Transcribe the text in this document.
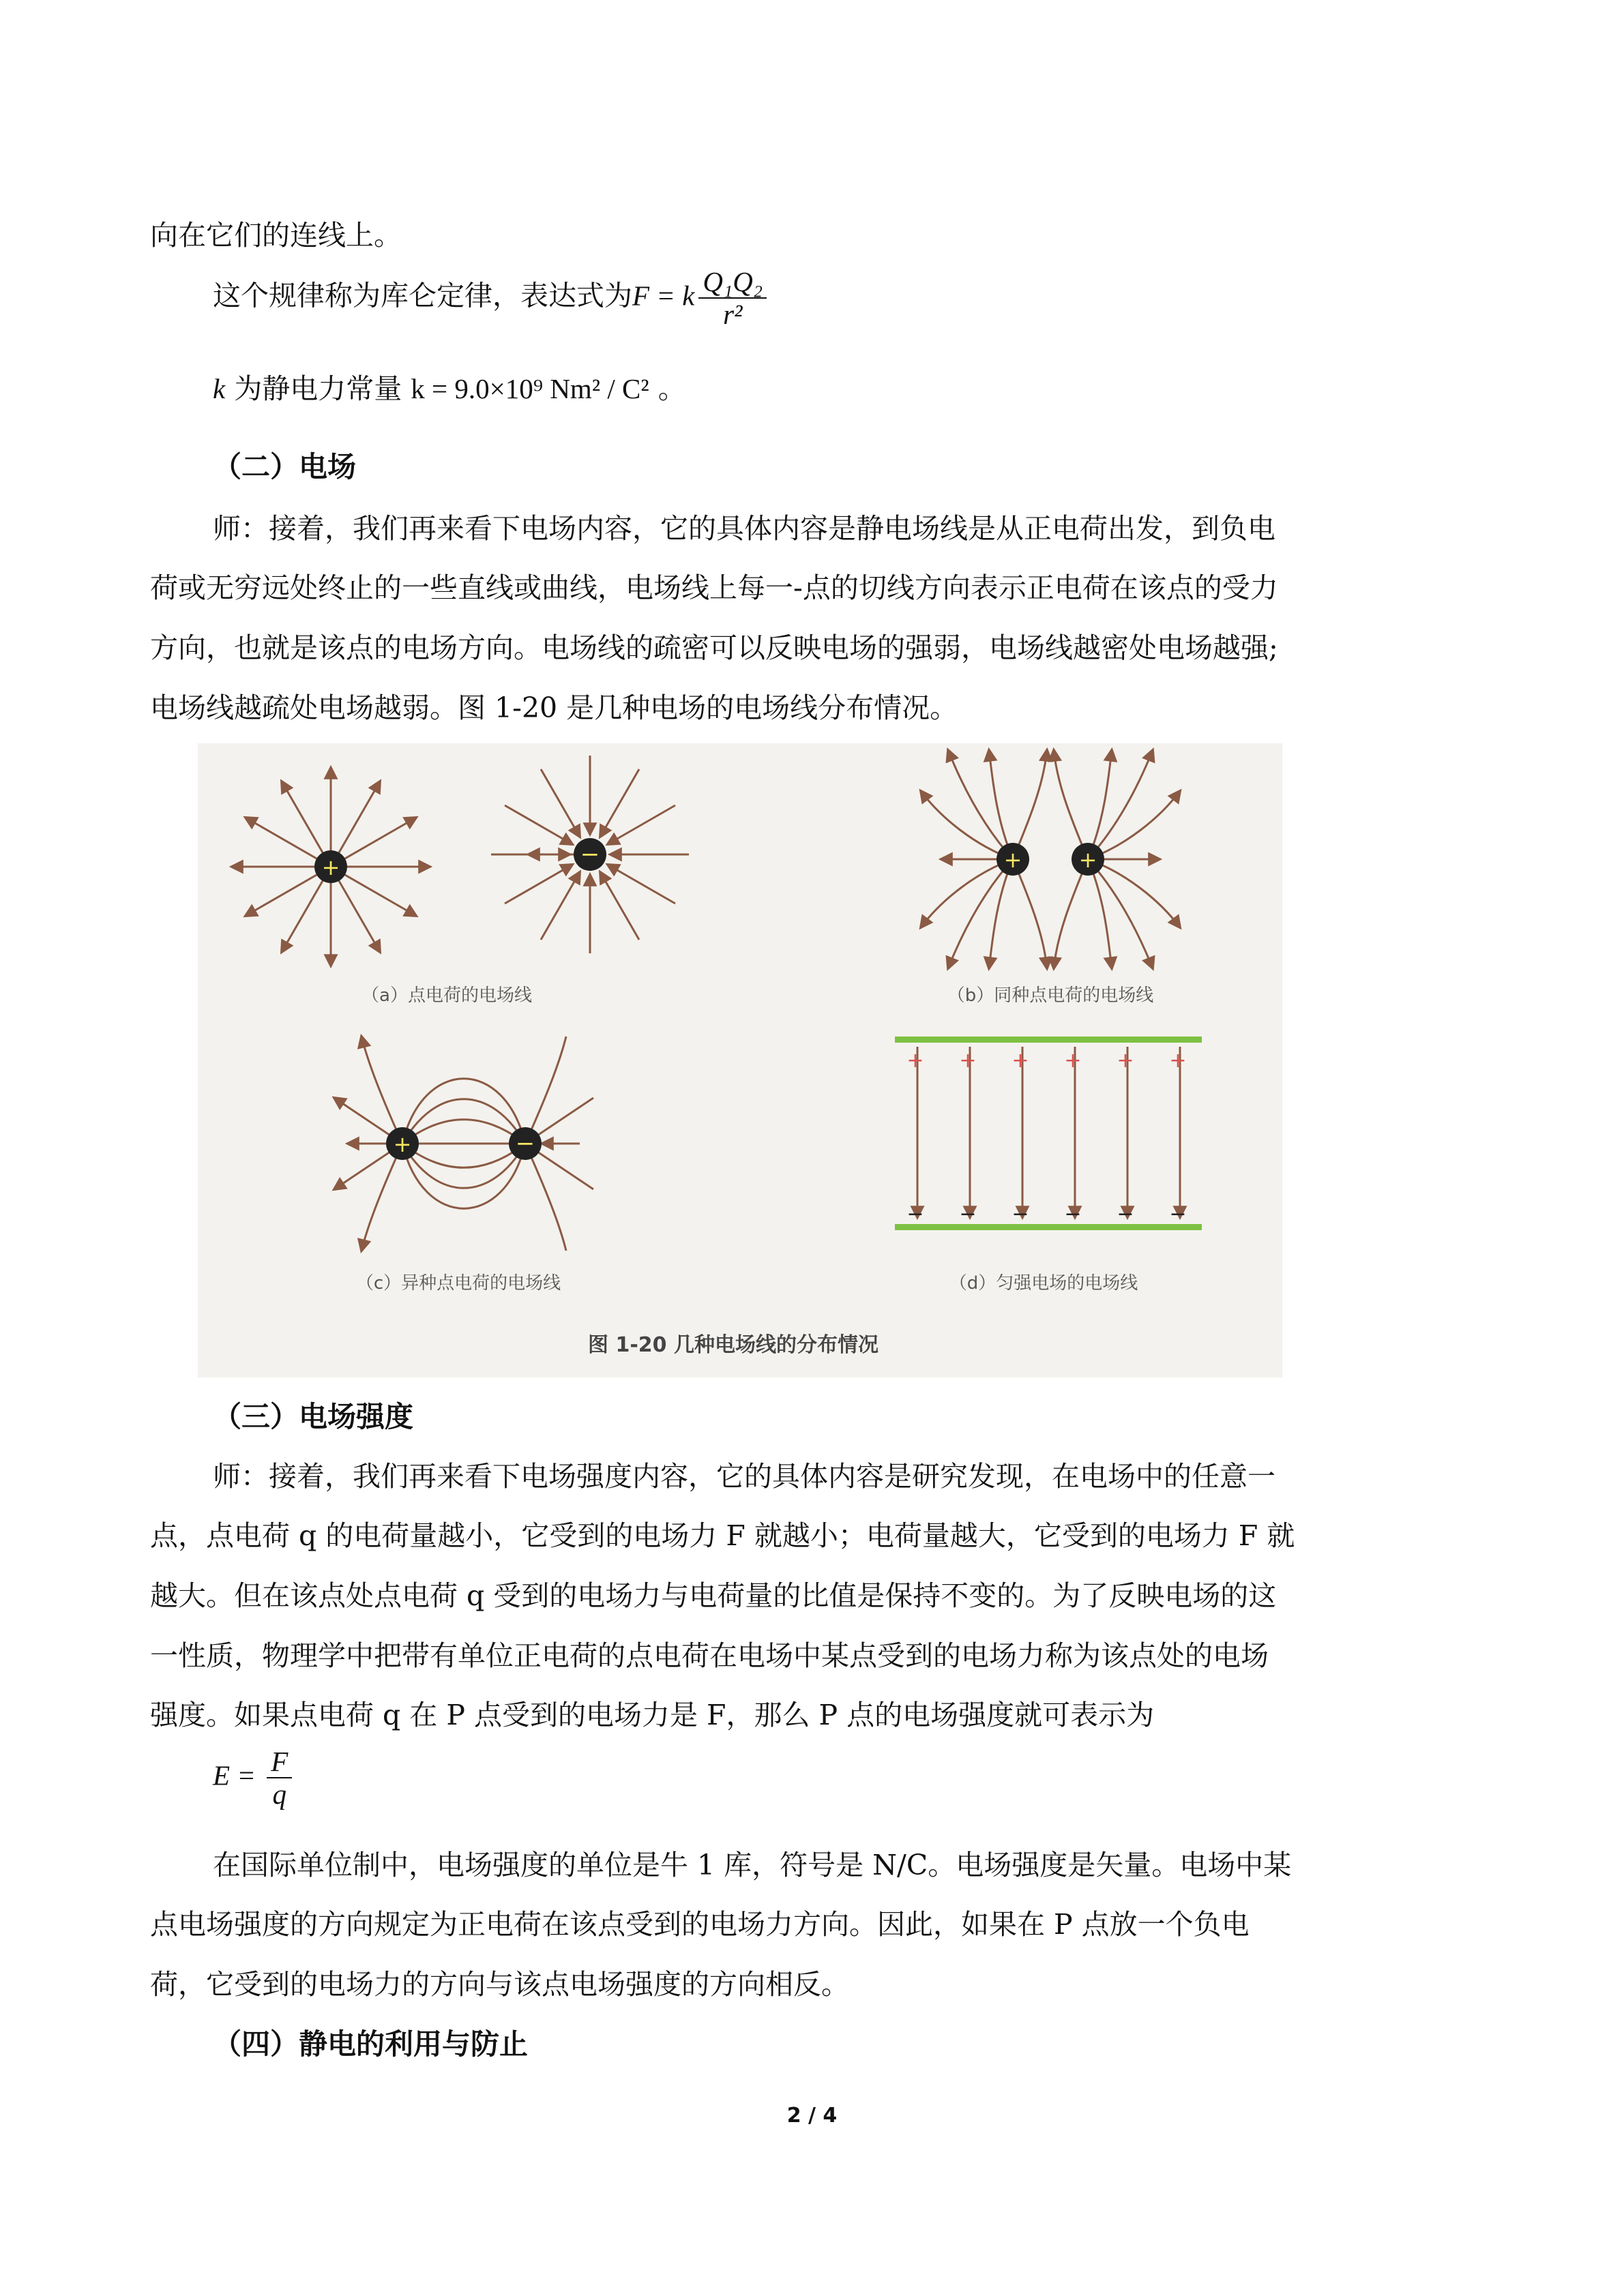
向在它们的连线上。
这个规律称为库仑定律，表达式为F = k $\frac{\text{Q₁Q₂}}{\text{r²}}$
k 为静电力常量 k = 9.0×10⁹ Nm² / C² 。
（二）电场
师：接着，我们再来看下电场内容，它的具体内容是静电场线是从正电荷出发，到负电
荷或无穷远处终止的一些直线或曲线，电场线上每一-点的切线方向表示正电荷在该点的受力
方向，也就是该点的电场方向。电场线的疏密可以反映电场的强弱，电场线越密处电场越强;
电场线越疏处电场越弱。图 1-20 是几种电场的电场线分布情况。
+	−
（a）点电荷的电场线
+	+
（b）同种点电荷的电场线
+	−
（c）异种点电荷的电场线
+ + + + + +
− − − − − −
（d）匀强电场的电场线
图 1-20 几种电场线的分布情况
（三）电场强度
师：接着，我们再来看下电场强度内容，它的具体内容是研究发现，在电场中的任意一
点，点电荷 q 的电荷量越小，它受到的电场力 F 就越小；电荷量越大，它受到的电场力 F 就
越大。但在该点处点电荷 q 受到的电场力与电荷量的比值是保持不变的。为了反映电场的这
一性质，物理学中把带有单位正电荷的点电荷在电场中某点受到的电场力称为该点处的电场
强度。如果点电荷 q 在 P 点受到的电场力是 F，那么 P 点的电场强度就可表示为
$E = \frac{F}{q}$
在国际单位制中，电场强度的单位是牛 1 库，符号是 N/C。电场强度是矢量。电场中某
点电场强度的方向规定为正电荷在该点受到的电场力方向。因此，如果在 P 点放一个负电
荷，它受到的电场力的方向与该点电场强度的方向相反。
（四）静电的利用与防止
2 / 4
